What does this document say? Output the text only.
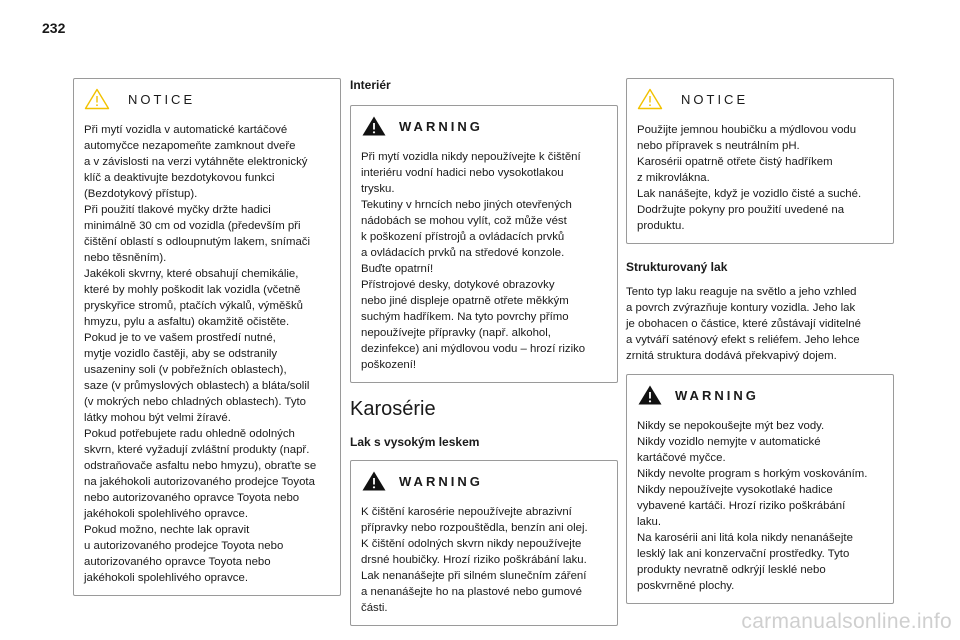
232
NOTICE
Při mytí vozidla v automatické kartáčové
automyčce nezapomeňte zamknout dveře
a v závislosti na verzi vytáhněte elektronický
klíč a deaktivujte bezdotykovou funkci
(Bezdotykový přístup).
Při použití tlakové myčky držte hadici
minimálně 30 cm od vozidla (především při
čištění oblastí s odloupnutým lakem, snímači
nebo těsněním).
Jakékoli skvrny, které obsahují chemikálie,
které by mohly poškodit lak vozidla (včetně
pryskyřice stromů, ptačích výkalů, výměšků
hmyzu, pylu a asfaltu) okamžitě očistěte.
Pokud je to ve vašem prostředí nutné,
mytje vozidlo častěji, aby se odstranily
usazeniny soli (v pobřežních oblastech),
saze (v průmyslových oblastech) a blátа/solil
(v mokrých nebo chladných oblastech). Tyto
látky mohou být velmi žíravé.
Pokud potřebujete radu ohledně odolných
skvrn, které vyžadují zvláštní produkty (např.
odstraňovače asfaltu nebo hmyzu), obraťte se
na jakéhokoli autorizovaného prodejce Toyota
nebo autorizovaného opravce Toyota nebo
jakéhokoli spolehlivého opravce.
Pokud možno, nechte lak opravit
u autorizovaného prodejce Toyota nebo
autorizovaného opravce Toyota nebo
jakéhokoli spolehlivého opravce.

Interiér

WARNING
Při mytí vozidla nikdy nepoužívejte k čištění
interiéru vodní hadici nebo vysokotlakou
trysku.
Tekutiny v hrncích nebo jiných otevřených
nádobách se mohou vylít, což může vést
k poškození přístrojů a ovládacích prvků
a ovládacích prvků na středové konzole.
Buďte opatrní!
Přístrojové desky, dotykové obrazovky
nebo jiné displeje opatrně otřete měkkým
suchým hadříkem. Na tyto povrchy přímo
nepoužívejte přípravky (např. alkohol,
dezinfekce) ani mýdlovou vodu – hrozí riziko
poškození!

Karosérie

Lak s vysokým leskem

WARNING
K čištění karosérie nepoužívejte abrazivní
přípravky nebo rozpouštědla, benzín ani olej.
K čištění odolných skvrn nikdy nepoužívejte
drsné houbičky. Hrozí riziko poškrábání laku.
Lak nenanášejte při silném slunečním záření
a nenanášejte ho na plastové nebo gumové
části.
NOTICE
Použijte jemnou houbičku a mýdlovou vodu
nebo přípravek s neutrálním pH.
Karosérii opatrně otřete čistý hadříkem
z mikrovlákna.
Lak nanášejte, když je vozidlo čisté a suché.
Dodržujte pokyny pro použití uvedené na
produktu.

Strukturovaný lak

Tento typ laku reaguje na světlo a jeho vzhled
a povrch zvýrazňuje kontury vozidla. Jeho lak
je obohacen o částice, které zůstávají viditelné
a vytváří saténový efekt s reliéfem. Jeho lehce
zrnitá struktura dodává překvapivý dojem.
WARNING
Nikdy se nepokoušejte mýt bez vody.
Nikdy vozidlo nemyjte v automatické
kartáčové myčce.
Nikdy nevolte program s horkým voskováním.
Nikdy nepoužívejte vysokotlaké hadice
vybavené kartáči. Hrozí riziko poškrábání
laku.
Na karosérii ani litá kola nikdy nenanášejte
lesklý lak ani konzervační prostředky. Tyto
produkty nevratně odkrýjí lesklé nebo
poskvrněné plochy.
carmanualsonline.info
